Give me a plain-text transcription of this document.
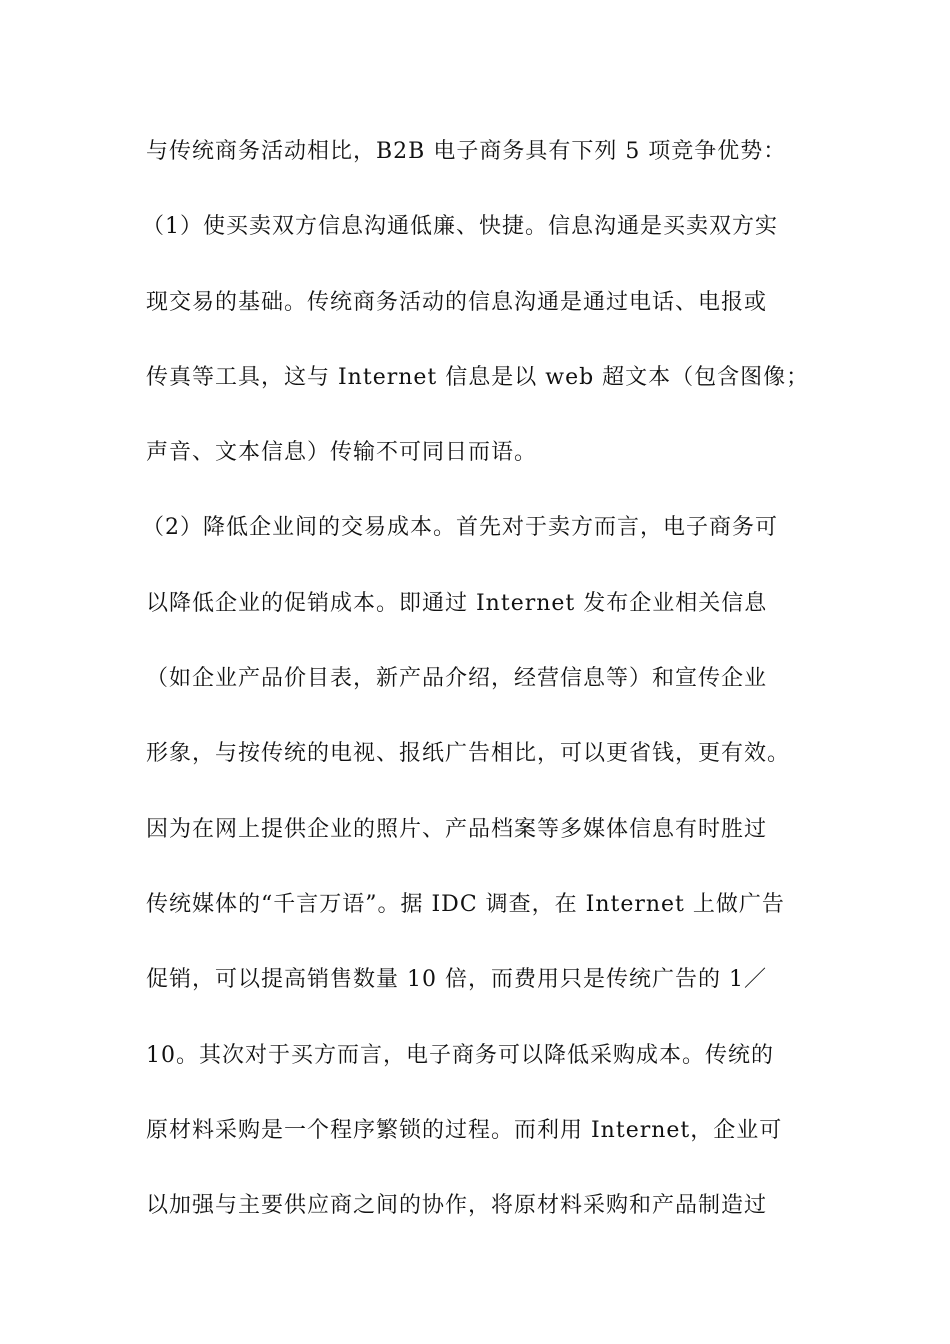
与传统商务活动相比，B2B 电子商务具有下列 5 项竞争优势：
（1）使买卖双方信息沟通低廉、快捷。信息沟通是买卖双方实
现交易的基础。传统商务活动的信息沟通是通过电话、电报或
传真等工具，这与 Internet 信息是以 web 超文本（包含图像；
声音、文本信息）传输不可同日而语。
（2）降低企业间的交易成本。首先对于卖方而言，电子商务可
以降低企业的促销成本。即通过 Internet 发布企业相关信息
（如企业产品价目表，新产品介绍，经营信息等）和宣传企业
形象，与按传统的电视、报纸广告相比，可以更省钱，更有效。
因为在网上提供企业的照片、产品档案等多媒体信息有时胜过
传统媒体的“千言万语”。据 IDC 调查，在 Internet 上做广告
促销，可以提高销售数量 10 倍，而费用只是传统广告的 1／
10。其次对于买方而言，电子商务可以降低采购成本。传统的
原材料采购是一个程序繁锁的过程。而利用 Internet，企业可
以加强与主要供应商之间的协作，将原材料采购和产品制造过
